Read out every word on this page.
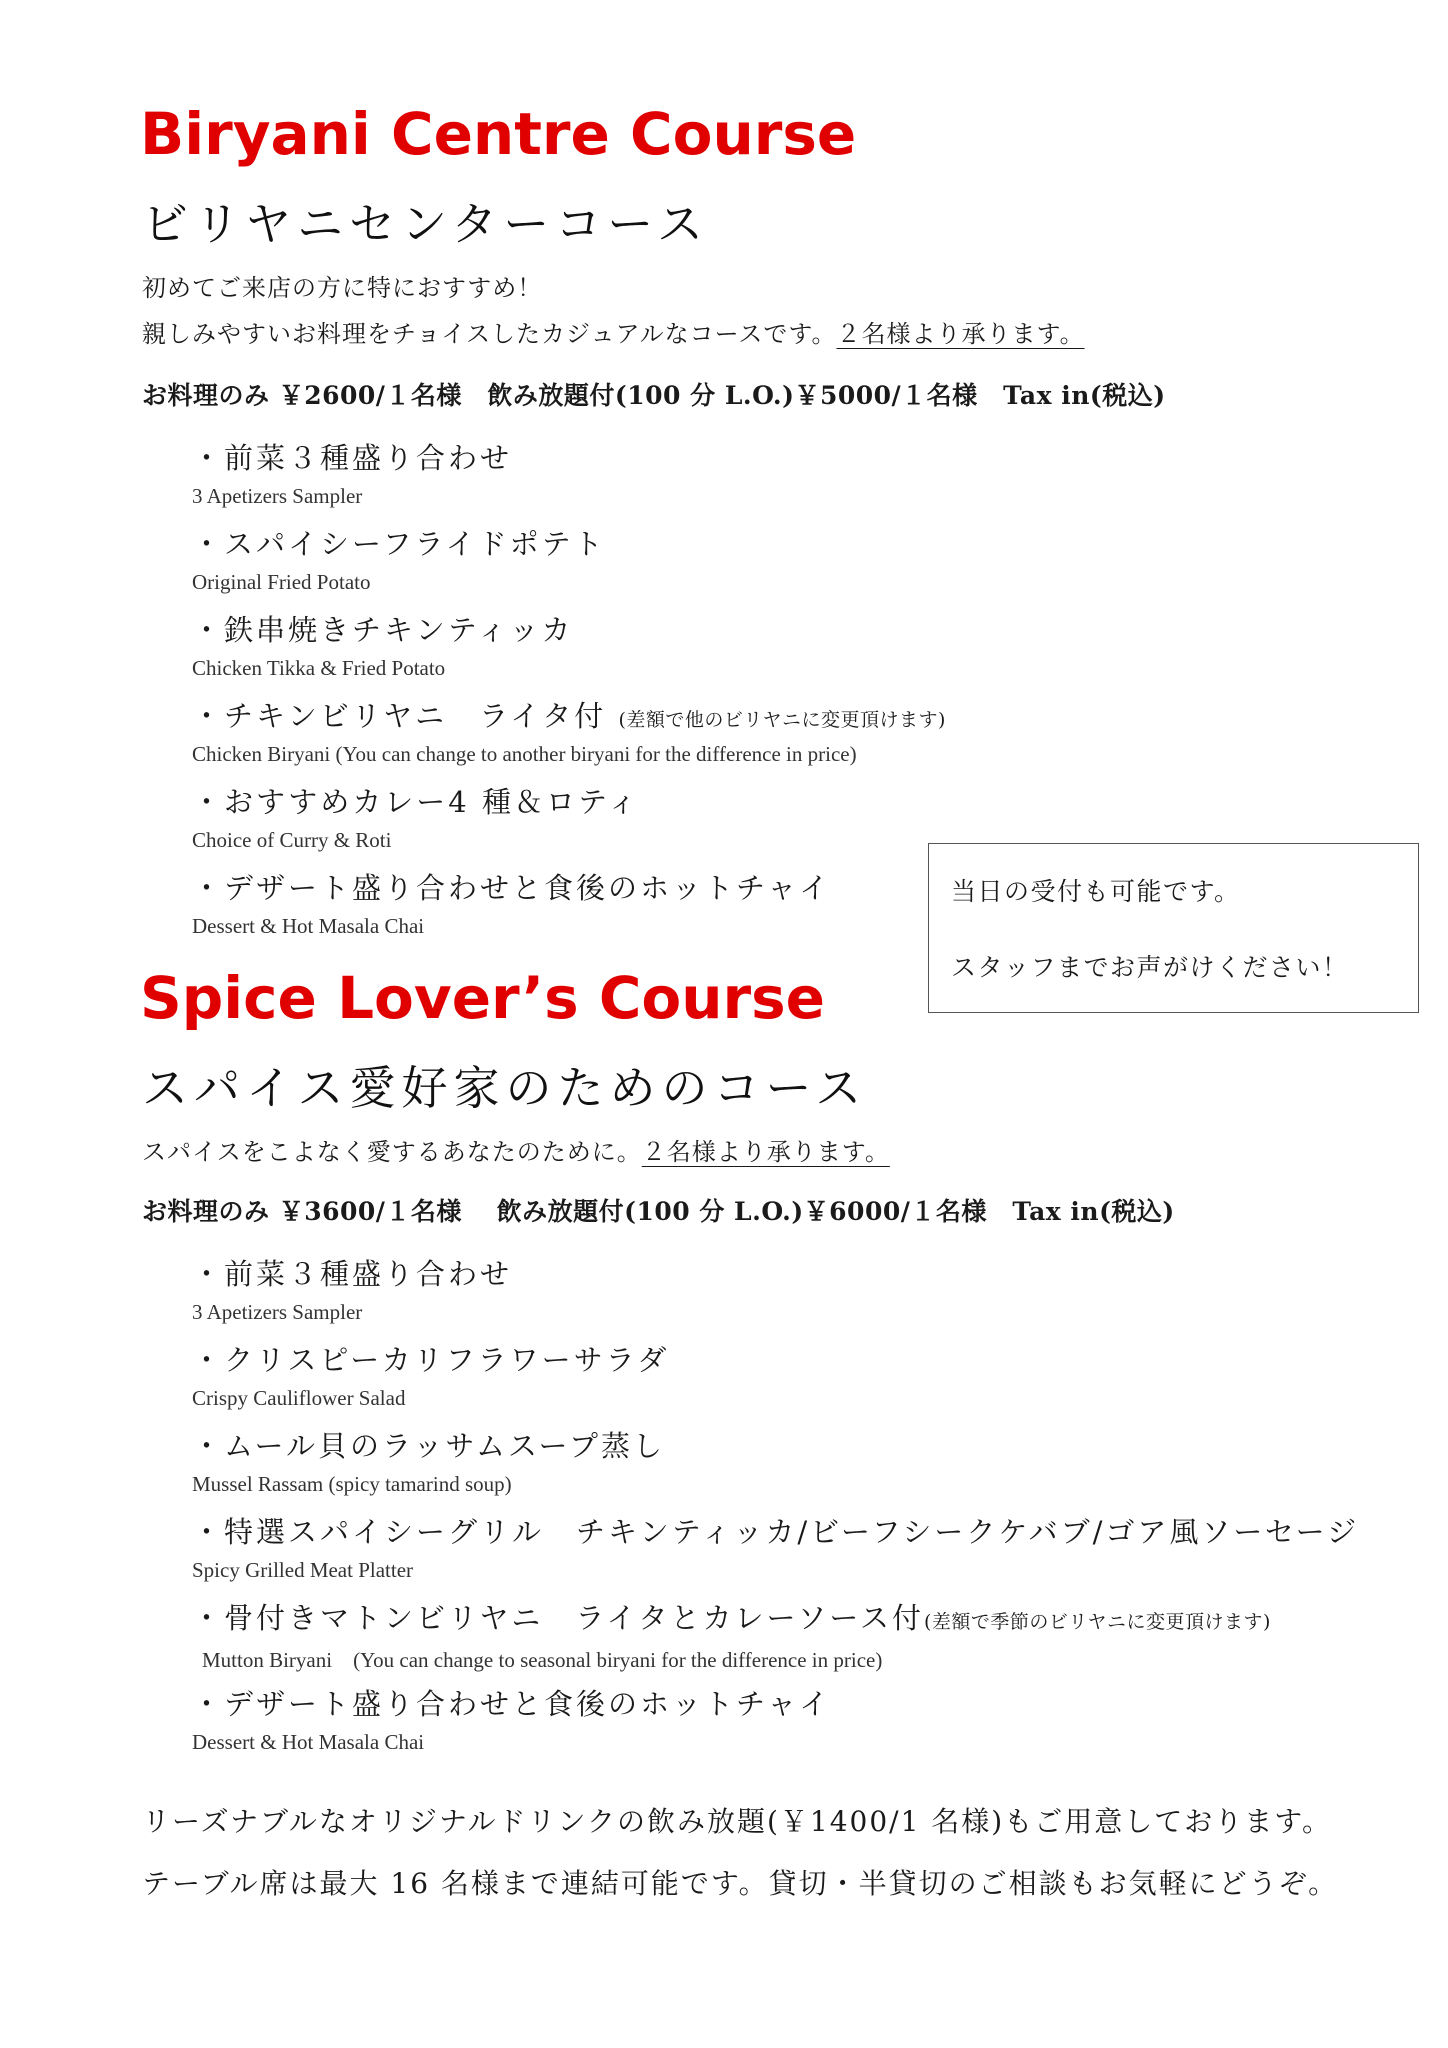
Biryani Centre Course
ビリヤニセンターコース
初めてご来店の方に特におすすめ！
親しみやすいお料理をチョイスしたカジュアルなコースです。２名様より承ります。
お料理のみ ￥2600/１名様　飲み放題付(100 分 L.O.)￥5000/１名様　Tax in(税込)
・前菜３種盛り合わせ
3 Apetizers Sampler
・スパイシーフライドポテト
Original Fried Potato
・鉄串焼きチキンティッカ
Chicken Tikka & Fried Potato
・チキンビリヤニ　ライタ付 (差額で他のビリヤニに変更頂けます)
Chicken Biryani (You can change to another biryani for the difference in price)
・おすすめカレー4 種＆ロティ
Choice of Curry & Roti
・デザート盛り合わせと食後のホットチャイ
Dessert & Hot Masala Chai
当日の受付も可能です。
スタッフまでお声がけください！
Spice Lover’s Course
スパイス愛好家のためのコース
スパイスをこよなく愛するあなたのために。２名様より承ります。
お料理のみ ￥3600/１名様　 飲み放題付(100 分 L.O.)￥6000/１名様　Tax in(税込)
・前菜３種盛り合わせ
3 Apetizers Sampler
・クリスピーカリフラワーサラダ
Crispy Cauliflower Salad
・ムール貝のラッサムスープ蒸し
Mussel Rassam (spicy tamarind soup)
・特選スパイシーグリル　チキンティッカ/ビーフシークケバブ/ゴア風ソーセージ
Spicy Grilled Meat Platter
・骨付きマトンビリヤニ　ライタとカレーソース付(差額で季節のビリヤニに変更頂けます)
Mutton Biryani　(You can change to seasonal biryani for the difference in price)
・デザート盛り合わせと食後のホットチャイ
Dessert & Hot Masala Chai
リーズナブルなオリジナルドリンクの飲み放題(￥1400/1 名様)もご用意しております。
テーブル席は最大 16 名様まで連結可能です。貸切・半貸切のご相談もお気軽にどうぞ。
